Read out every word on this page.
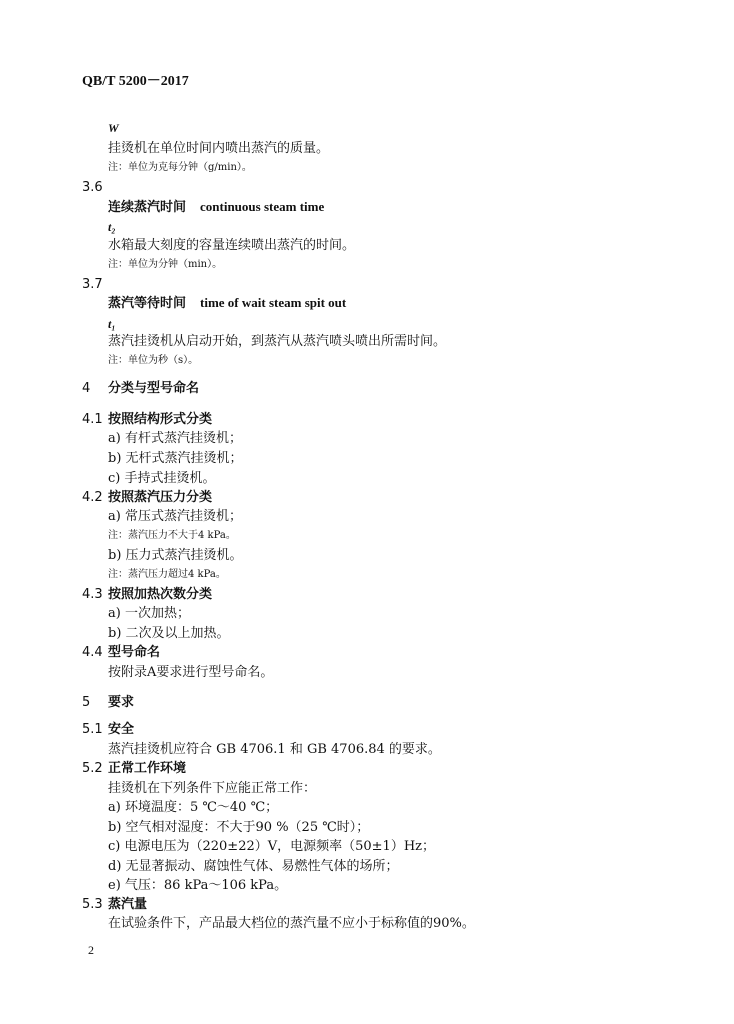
QB/T 5200－2017
W
挂烫机在单位时间内喷出蒸汽的质量。
注：单位为克每分钟（g/min）。
3.6
连续蒸汽时间 continuous steam time
t₂
水箱最大刻度的容量连续喷出蒸汽的时间。
注：单位为分钟（min）。
3.7
蒸汽等待时间 time of wait steam spit out
t₁
蒸汽挂烫机从启动开始，到蒸汽从蒸汽喷头喷出所需时间。
注：单位为秒（s）。
4 分类与型号命名
4.1 按照结构形式分类
a) 有杆式蒸汽挂烫机；
b) 无杆式蒸汽挂烫机；
c) 手持式挂烫机。
4.2 按照蒸汽压力分类
a) 常压式蒸汽挂烫机；
注：蒸汽压力不大于4 kPa。
b) 压力式蒸汽挂烫机。
注：蒸汽压力超过4 kPa。
4.3 按照加热次数分类
a) 一次加热；
b) 二次及以上加热。
4.4 型号命名
按附录A要求进行型号命名。
5 要求
5.1 安全
蒸汽挂烫机应符合 GB 4706.1 和 GB 4706.84 的要求。
5.2 正常工作环境
挂烫机在下列条件下应能正常工作：
a) 环境温度：5 ℃～40 ℃；
b) 空气相对湿度：不大于90 %（25 ℃时）；
c) 电源电压为（220±22）V，电源频率（50±1）Hz；
d) 无显著振动、腐蚀性气体、易燃性气体的场所；
e) 气压：86 kPa～106 kPa。
5.3 蒸汽量
在试验条件下，产品最大档位的蒸汽量不应小于标称值的90%。
2
